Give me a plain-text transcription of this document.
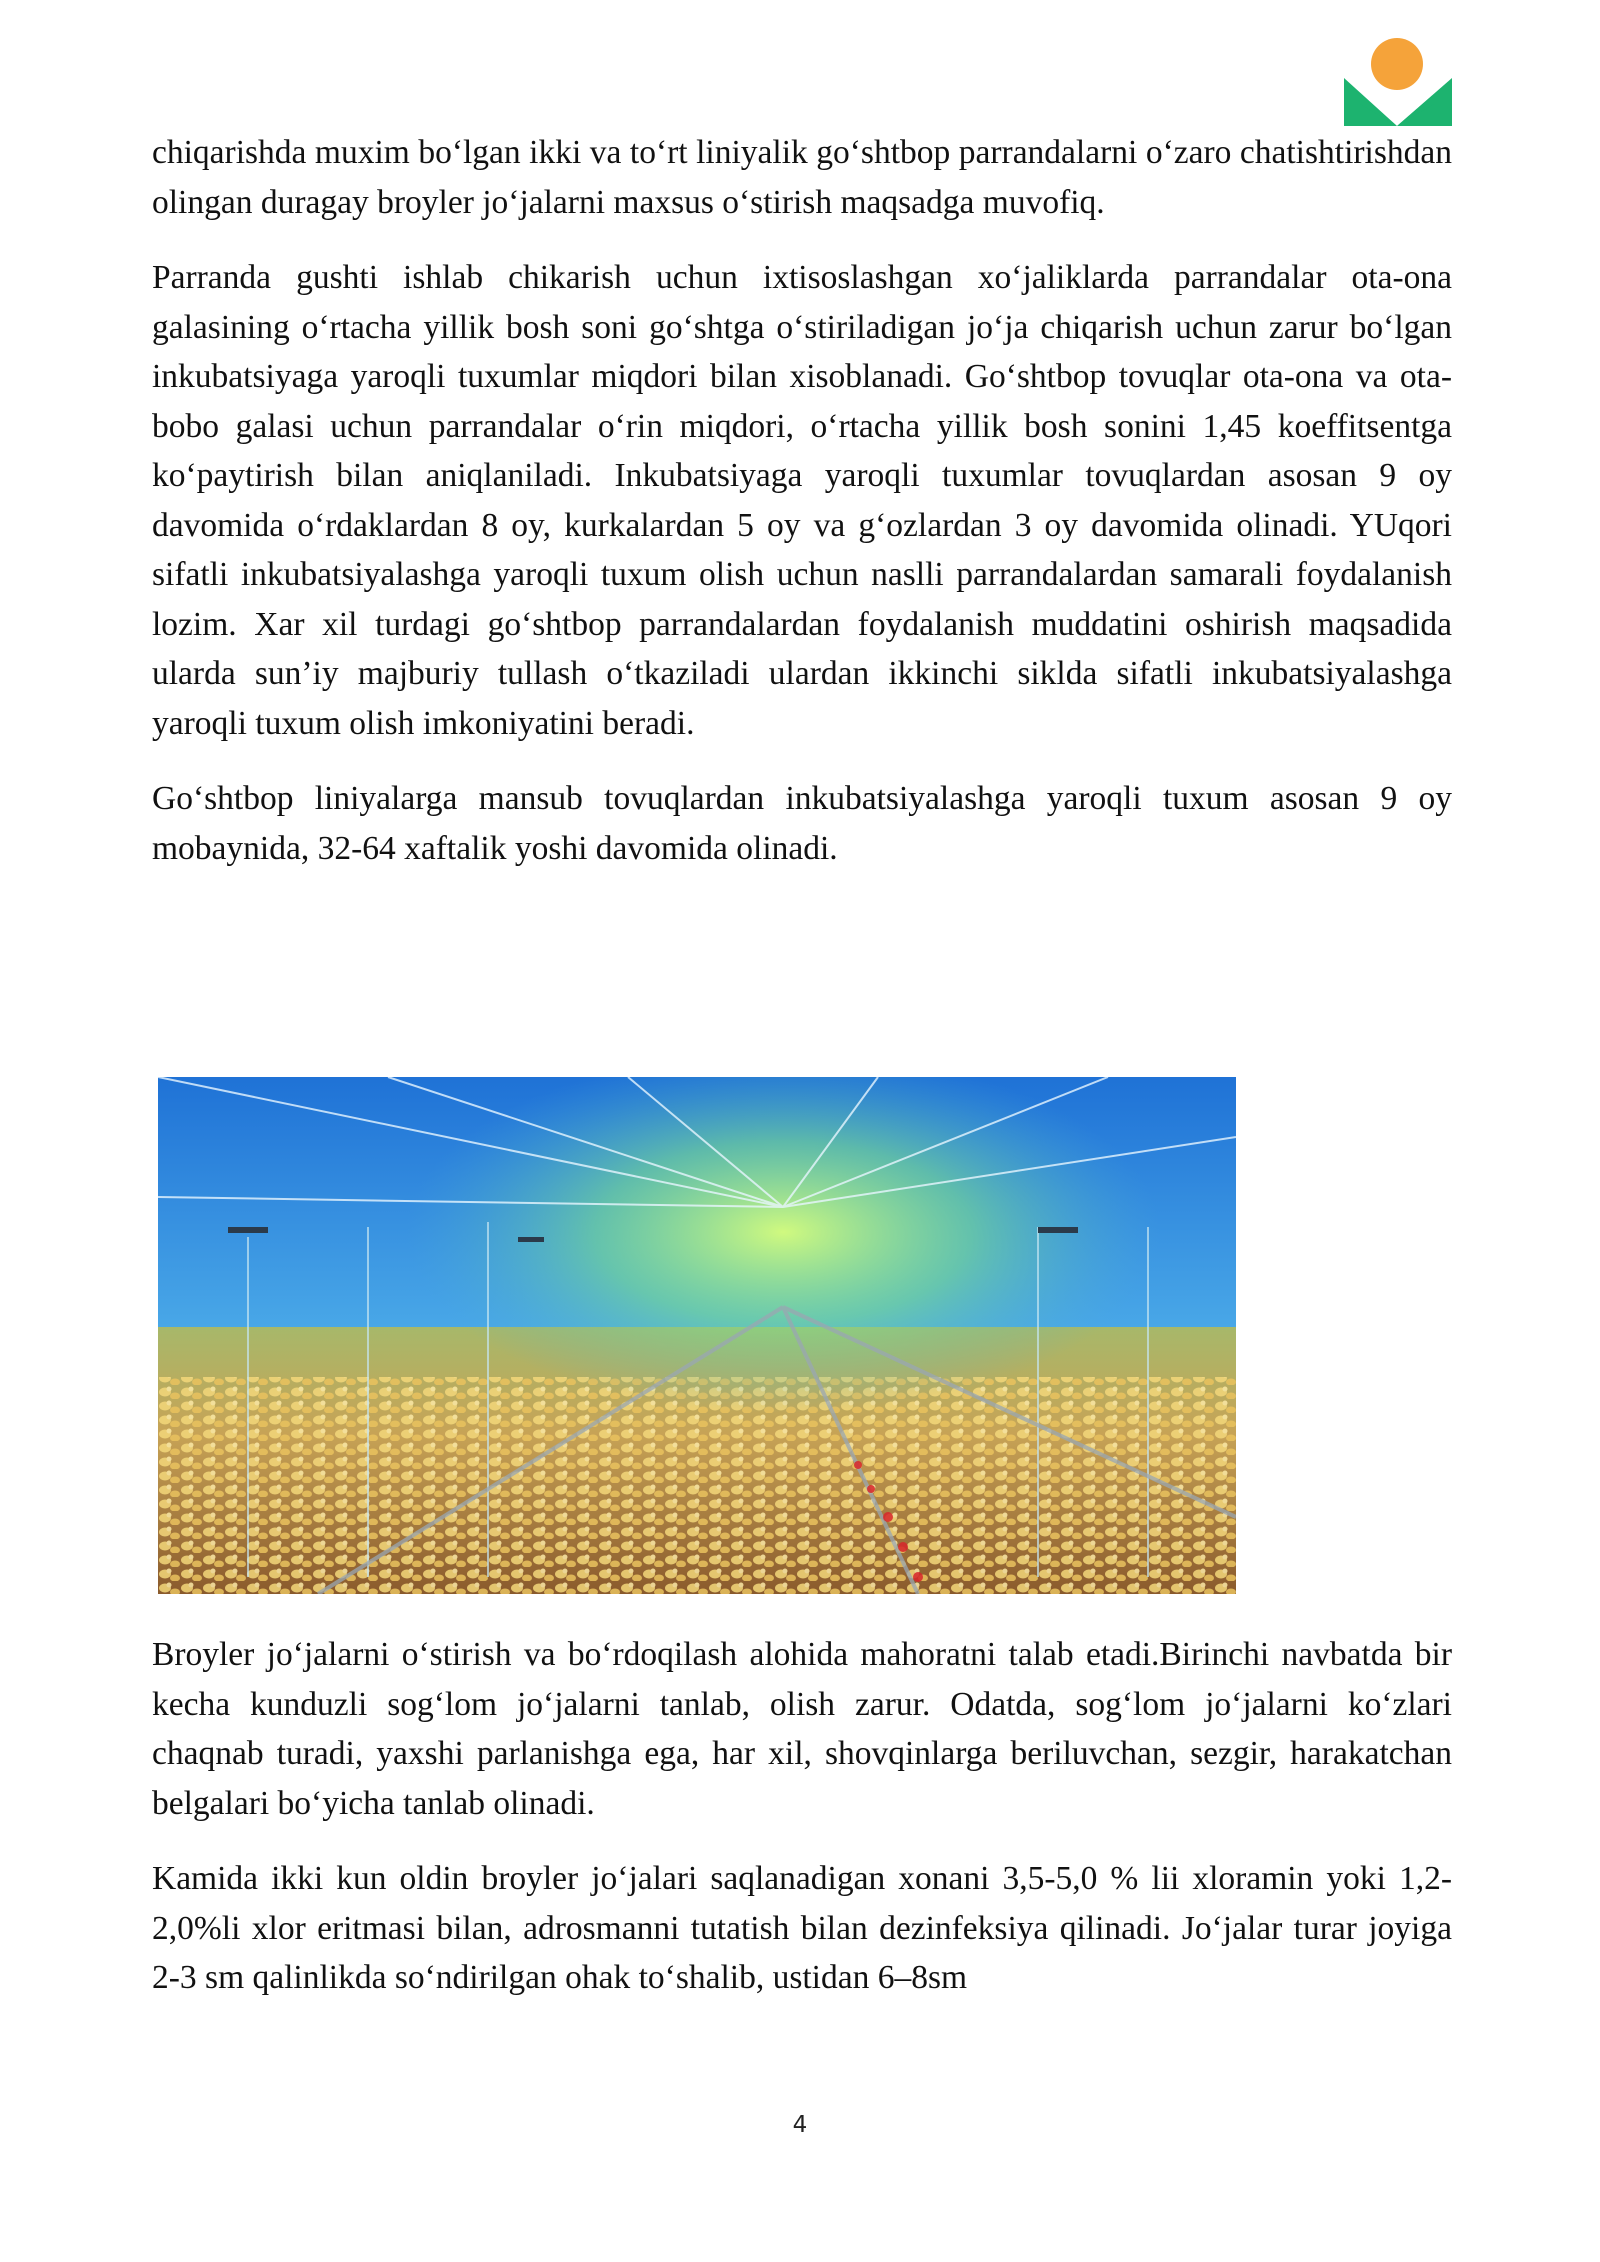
chiqarishda muxim bo‘lgan ikki va to‘rt liniyalik go‘shtbop parrandalarni o‘zaro chatishtirishdan olingan duragay broyler jo‘jalarni maxsus o‘stirish maqsadga muvofiq.

Parranda gushti ishlab chikarish uchun ixtisoslashgan xo‘jaliklarda parrandalar ota-ona galasining o‘rtacha yillik bosh soni go‘shtga o‘stiriladigan jo‘ja chiqarish uchun zarur bo‘lgan inkubatsiyaga yaroqli tuxumlar miqdori bilan xisoblanadi. Go‘shtbop tovuqlar ota-ona va ota-bobo galasi uchun parrandalar o‘rin miqdori, o‘rtacha yillik bosh sonini 1,45 koeffitsentga ko‘paytirish bilan aniqlaniladi. Inkubatsiyaga yaroqli tuxumlar tovuqlardan asosan 9 oy davomida o‘rdaklardan 8 oy, kurkalardan 5 oy va g‘ozlardan 3 oy davomida olinadi. YUqori sifatli inkubatsiyalashga yaroqli tuxum olish uchun naslli parrandalardan samarali foydalanish lozim. Xar xil turdagi go‘shtbop parrandalardan foydalanish muddatini oshirish maqsadida ularda sun’iy majburiy tullash o‘tkaziladi ulardan ikkinchi siklda sifatli inkubatsiyalashga yaroqli tuxum olish imkoniyatini beradi.

Go‘shtbop liniyalarga mansub tovuqlardan inkubatsiyalashga yaroqli tuxum asosan 9 oy mobaynida, 32-64 xaftalik yoshi davomida olinadi.

Broyler jo‘jalarni o‘stirish va bo‘rdoqilash alohida mahoratni talab etadi.Birinchi navbatda bir kecha kunduzli sog‘lom jo‘jalarni tanlab, olish zarur. Odatda, sog‘lom jo‘jalarni ko‘zlari chaqnab turadi, yaxshi parlanishga ega, har xil, shovqinlarga beriluvchan, sezgir, harakatchan belgalari bo‘yicha tanlab olinadi.

Kamida ikki kun oldin broyler jo‘jalari saqlanadigan xonani 3,5-5,0 % lii xloramin yoki 1,2-2,0%li xlor eritmasi bilan, adrosmanni tutatish bilan dezinfeksiya qilinadi. Jo‘jalar turar joyiga 2-3 sm qalinlikda so‘ndirilgan ohak to‘shalib, ustidan 6–8sm

4
